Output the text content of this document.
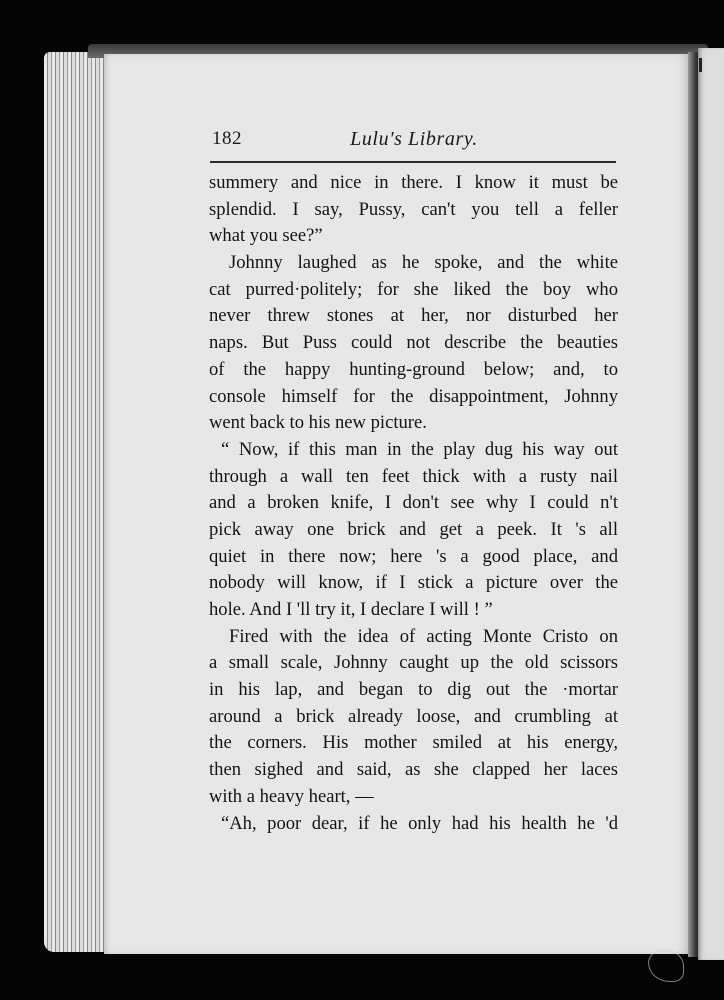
182	Lulu's Library.
summery and nice in there. I know it must be
splendid. I say, Pussy, can't you tell a feller
what you see?”
Johnny laughed as he spoke, and the white
cat purred·politely; for she liked the boy who
never threw stones at her, nor disturbed her
naps. But Puss could not describe the beauties
of the happy hunting-ground below; and, to
console himself for the disappointment, Johnny
went back to his new picture.
“ Now, if this man in the play dug his way out
through a wall ten feet thick with a rusty nail
and a broken knife, I don't see why I could n't
pick away one brick and get a peek. It 's all
quiet in there now; here 's a good place, and
nobody will know, if I stick a picture over the
hole. And I 'll try it, I declare I will ! ”
Fired with the idea of acting Monte Cristo on
a small scale, Johnny caught up the old scissors
in his lap, and began to dig out the ·mortar
around a brick already loose, and crumbling at
the corners. His mother smiled at his energy,
then sighed and said, as she clapped her laces
with a heavy heart, —
“Ah, poor dear, if he only had his health he 'd
